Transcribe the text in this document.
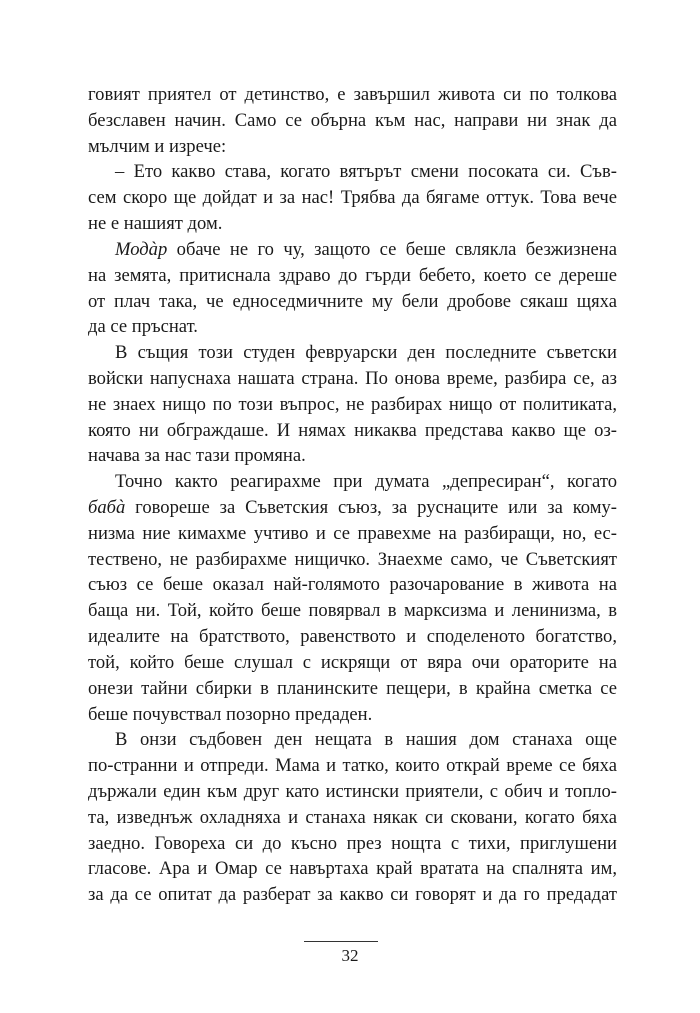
говият приятел от детинство, е завършил живота си по толкова
безславен начин. Само се обърна към нас, направи ни знак да
мълчим и изрече:
– Ето какво става, когато вятърът смени посоката си. Съв-
сем скоро ще дойдат и за нас! Трябва да бягаме оттук. Това вече
не е нашият дом.
Модàр обаче не го чу, защото се беше свлякла безжизнена
на земята, притиснала здраво до гърди бебето, което се дереше
от плач така, че едноседмичните му бели дробове сякаш щяха
да се пръснат.
В същия този студен февруарски ден последните съветски
войски напуснаха нашата страна. По онова време, разбира се, аз
не знаех нищо по този въпрос, не разбирах нищо от политиката,
която ни обграждаше. И нямах никаква представа какво ще оз-
начава за нас тази промяна.
Точно както реагирахме при думата „депресиран“, когато
бабà говореше за Съветския съюз, за руснаците или за кому-
низма ние кимахме учтиво и се правехме на разбиращи, но, ес-
тествено, не разбирахме нищичко. Знаехме само, че Съветският
съюз се беше оказал най-голямото разочарование в живота на
баща ни. Той, който беше повярвал в марксизма и ленинизма, в
идеалите на братството, равенството и споделеното богатство,
той, който беше слушал с искрящи от вяра очи ораторите на
онези тайни сбирки в планинските пещери, в крайна сметка се
беше почувствал позорно предаден.
В онзи съдбовен ден нещата в нашия дом станаха още
по-странни и отпреди. Мама и татко, които открай време се бяха
държали един към друг като истински приятели, с обич и топло-
та, изведнъж охладняха и станаха някак си сковани, когато бяха
заедно. Говореха си до късно през нощта с тихи, приглушени
гласове. Ара и Омар се навъртаха край вратата на спалнята им,
за да се опитат да разберат за какво си говорят и да го предадат
32
